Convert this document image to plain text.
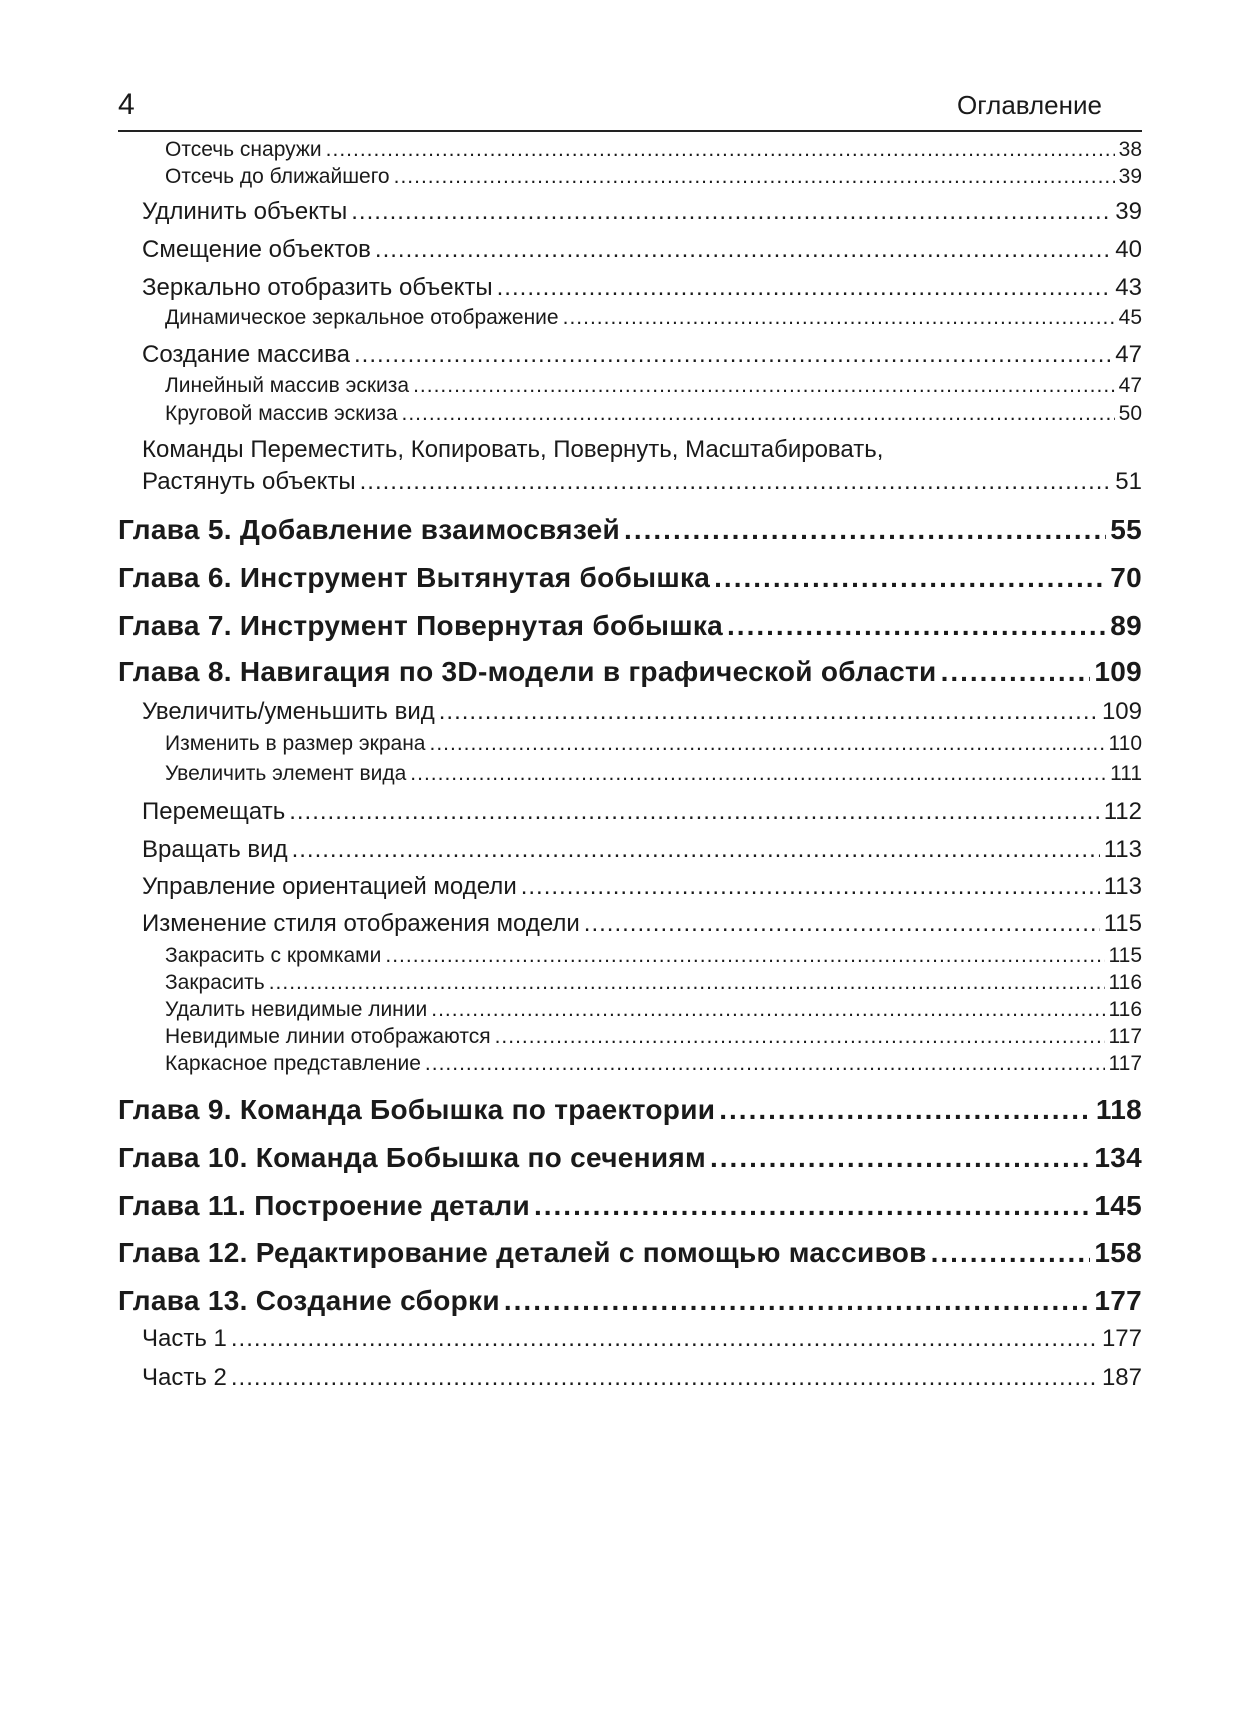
4	Оглавление
Отсечь снаружи .....	38
Отсечь до ближайшего .....	39
Удлинить объекты .....	39
Смещение объектов .....	40
Зеркально отобразить объекты .....	43
Динамическое зеркальное отображение .....	45
Создание массива .....	47
Линейный массив эскиза .....	47
Круговой массив эскиза .....	50
Команды Переместить, Копировать, Повернуть, Масштабировать,
Растянуть объекты .....	51
Глава 5. Добавление взаимосвязей .....	55
Глава 6. Инструмент Вытянутая бобышка .....	70
Глава 7. Инструмент Повернутая бобышка .....	89
Глава 8. Навигация по 3D-модели в графической области .....	109
Увеличить/уменьшить вид .....	109
Изменить в размер экрана .....	110
Увеличить элемент вида .....	111
Перемещать .....	112
Вращать вид .....	113
Управление ориентацией модели .....	113
Изменение стиля отображения модели .....	115
Закрасить с кромками .....	115
Закрасить .....	116
Удалить невидимые линии .....	116
Невидимые линии отображаются .....	117
Каркасное представление .....	117
Глава 9. Команда Бобышка по траектории .....	118
Глава 10. Команда Бобышка по сечениям .....	134
Глава 11. Построение детали .....	145
Глава 12. Редактирование деталей с помощью массивов .....	158
Глава 13. Создание сборки .....	177
Часть 1 .....	177
Часть 2 .....	187
